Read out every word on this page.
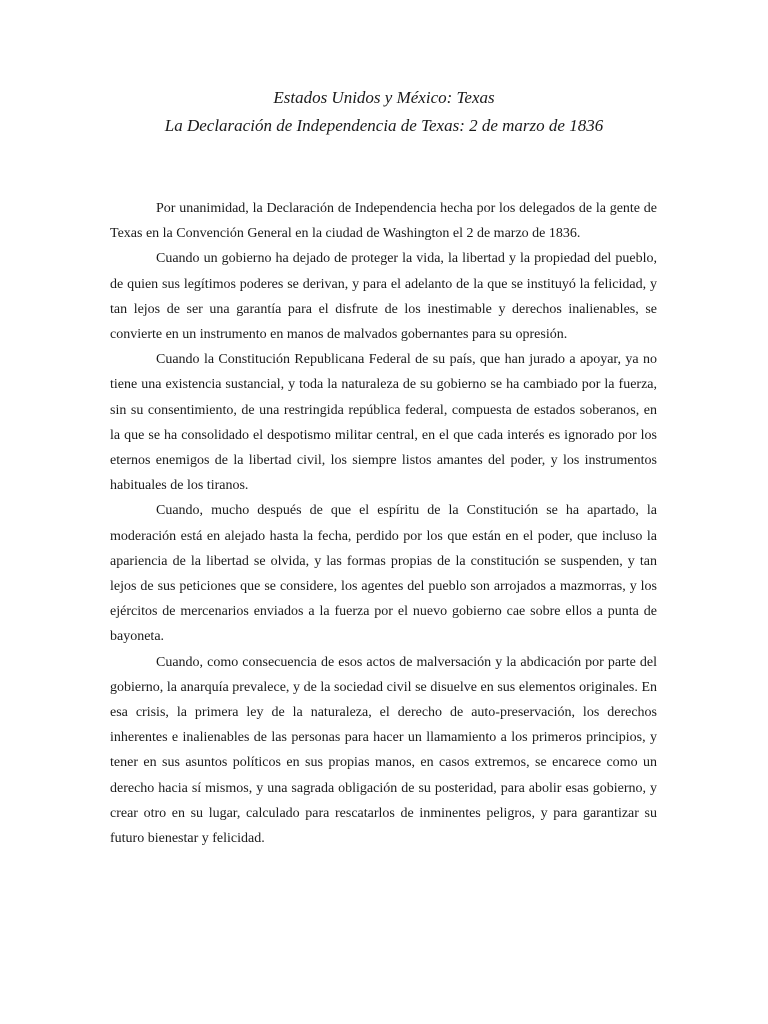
Estados Unidos y México: Texas
La Declaración de Independencia de Texas: 2 de marzo de 1836

Por unanimidad, la Declaración de Independencia hecha por los delegados de la gente de Texas en la Convención General en la ciudad de Washington el 2 de marzo de 1836.

Cuando un gobierno ha dejado de proteger la vida, la libertad y la propiedad del pueblo, de quien sus legítimos poderes se derivan, y para el adelanto de la que se instituyó la felicidad, y tan lejos de ser una garantía para el disfrute de los inestimable y derechos inalienables, se convierte en un instrumento en manos de malvados gobernantes para su opresión.

Cuando la Constitución Republicana Federal de su país, que han jurado a apoyar, ya no tiene una existencia sustancial, y toda la naturaleza de su gobierno se ha cambiado por la fuerza, sin su consentimiento, de una restringida república federal, compuesta de estados soberanos, en la que se ha consolidado el despotismo militar central, en el que cada interés es ignorado por los eternos enemigos de la libertad civil, los siempre listos amantes del poder, y los instrumentos habituales de los tiranos.

Cuando, mucho después de que el espíritu de la Constitución se ha apartado, la moderación está en alejado hasta la fecha, perdido por los que están en el poder, que incluso la apariencia de la libertad se olvida, y las formas propias de la constitución se suspenden, y tan lejos de sus peticiones que se considere, los agentes del pueblo son arrojados a mazmorras, y los ejércitos de mercenarios enviados a la fuerza por el nuevo gobierno cae sobre ellos a punta de bayoneta.

Cuando, como consecuencia de esos actos de malversación y la abdicación por parte del gobierno, la anarquía prevalece, y de la sociedad civil se disuelve en sus elementos originales. En esa crisis, la primera ley de la naturaleza, el derecho de auto-preservación, los derechos inherentes e inalienables de las personas para hacer un llamamiento a los primeros principios, y tener en sus asuntos políticos en sus propias manos, en casos extremos, se encarece como un derecho hacia sí mismos, y una sagrada obligación de su posteridad, para abolir esas gobierno, y crear otro en su lugar, calculado para rescatarlos de inminentes peligros, y para garantizar su futuro bienestar y felicidad.
